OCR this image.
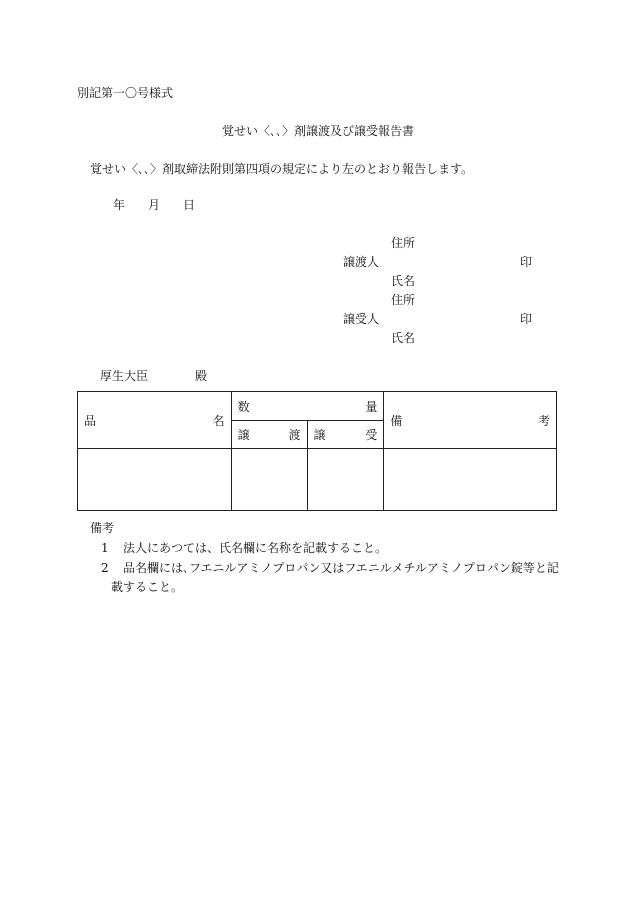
別記第一〇号様式
覚せい〈､､〉剤譲渡及び譲受報告書
覚せい〈､､〉剤取締法附則第四項の規定により左のとおり報告します。
年 月 日
住所
譲渡人	印
氏名
住所
譲受人	印
氏名
厚生大臣	殿
品 名	数 量		備 考

	譲 渡	譲 受	

備考
1 法人にあつては、氏名欄に名称を記載すること。
2 品名欄には､フエニルアミノプロパン又はフエニルメチルアミノプロパン錠等と記
載すること。
